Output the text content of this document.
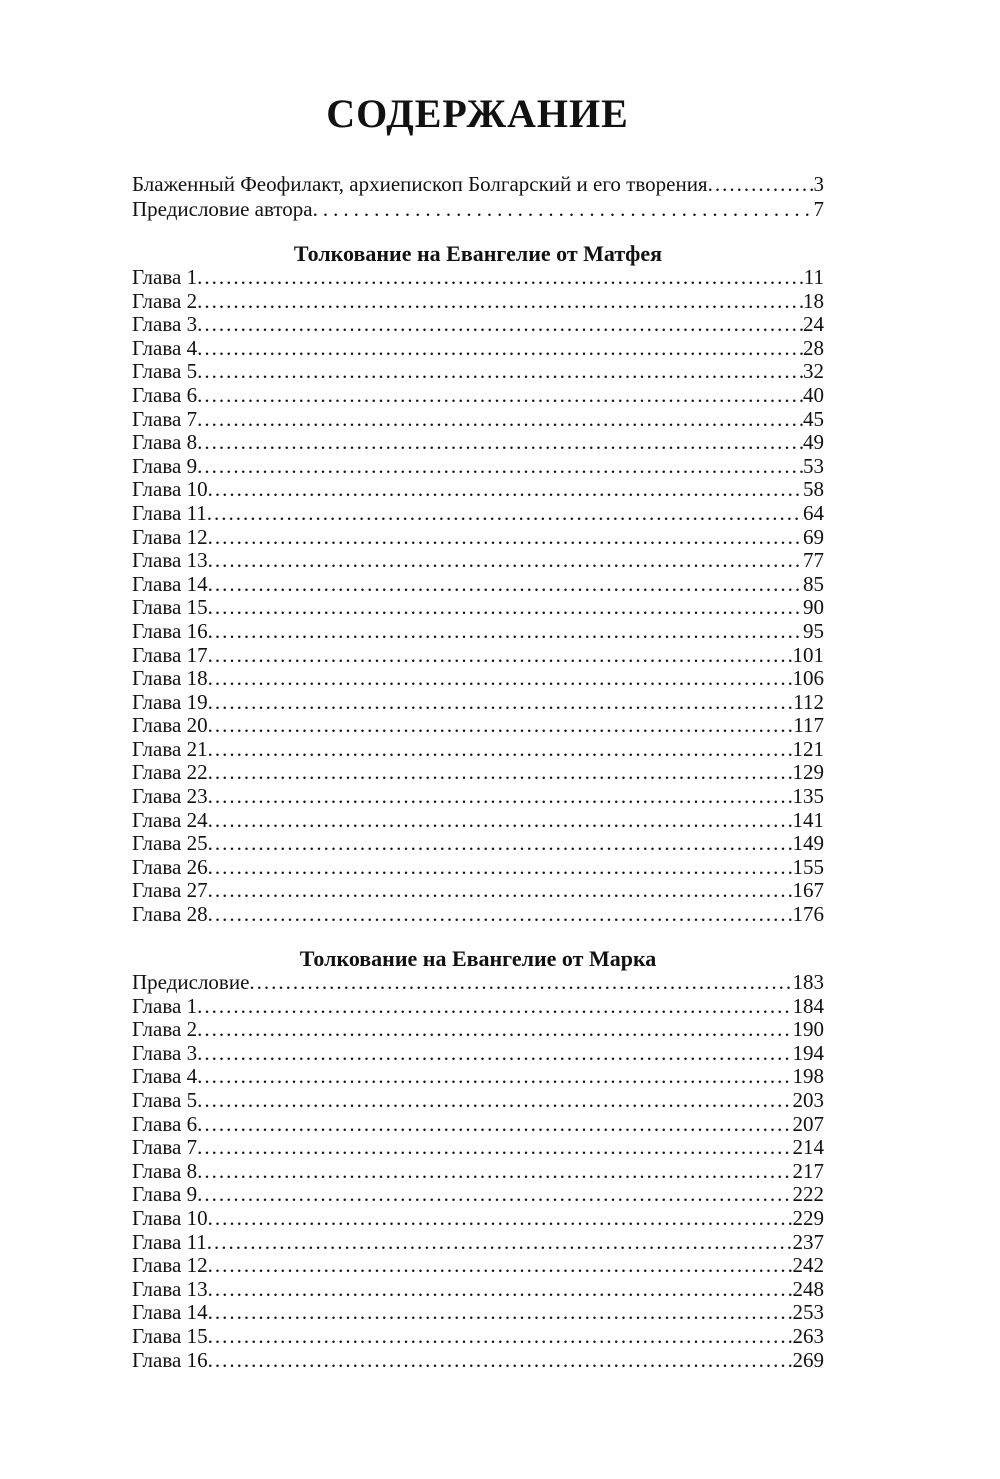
СОДЕРЖАНИЕ
Блаженный Феофилакт, архиепископ Болгарский и его творения .....	3
Предисловие автора .....	7
Толкование на Евангелие от Матфея
Глава 1 .....	11
Глава 2 .....	18
Глава 3 .....	24
Глава 4 .....	28
Глава 5 .....	32
Глава 6 .....	40
Глава 7 .....	45
Глава 8 .....	49
Глава 9 .....	53
Глава 10 .....	58
Глава 11 .....	64
Глава 12 .....	69
Глава 13 .....	77
Глава 14 .....	85
Глава 15 .....	90
Глава 16 .....	95
Глава 17 .....	101
Глава 18 .....	106
Глава 19 .....	112
Глава 20 .....	117
Глава 21 .....	121
Глава 22 .....	129
Глава 23 .....	135
Глава 24 .....	141
Глава 25 .....	149
Глава 26 .....	155
Глава 27 .....	167
Глава 28 .....	176
Толкование на Евангелие от Марка
Предисловие .....	183
Глава 1 .....	184
Глава 2 .....	190
Глава 3 .....	194
Глава 4 .....	198
Глава 5 .....	203
Глава 6 .....	207
Глава 7 .....	214
Глава 8 .....	217
Глава 9 .....	222
Глава 10 .....	229
Глава 11 .....	237
Глава 12 .....	242
Глава 13 .....	248
Глава 14 .....	253
Глава 15 .....	263
Глава 16 .....	269
